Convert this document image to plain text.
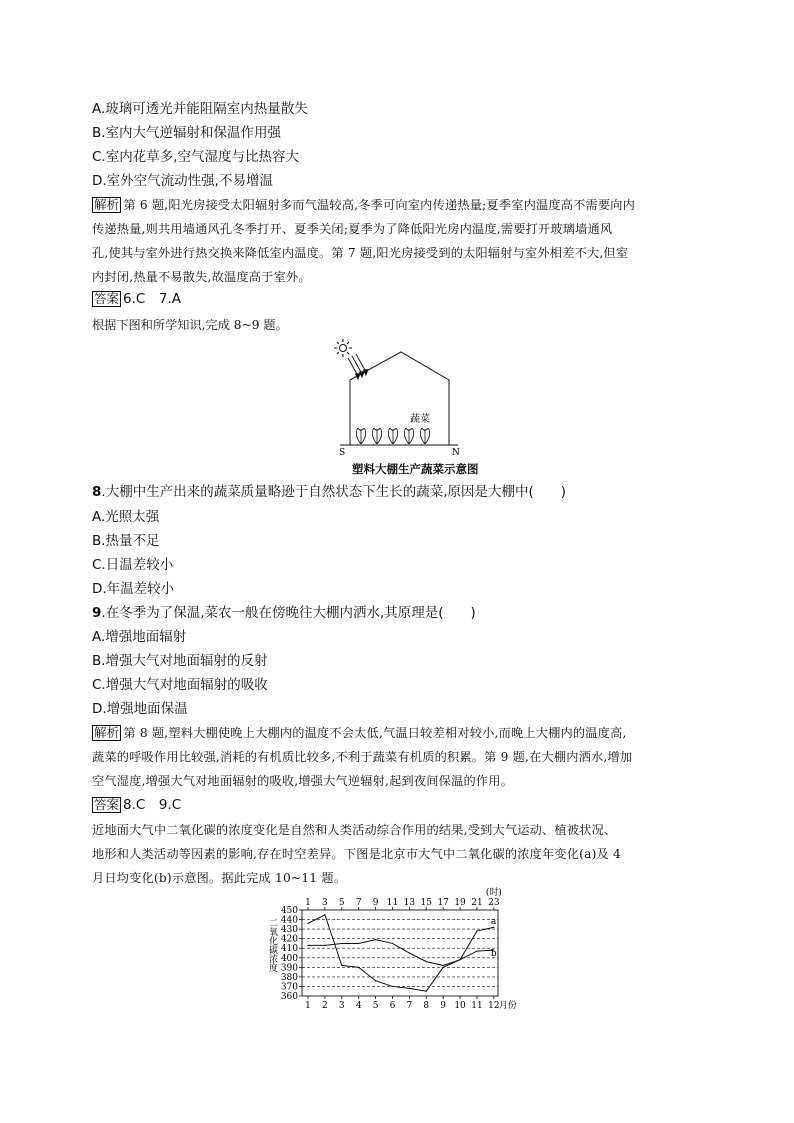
A.玻璃可透光并能阻隔室内热量散失
B.室内大气逆辐射和保温作用强
C.室内花草多,空气湿度与比热容大
D.室外空气流动性强,不易增温
解析 第 6 题,阳光房接受太阳辐射多而气温较高,冬季可向室内传递热量;夏季室内温度高不需要向内
传递热量,则共用墙通风孔冬季打开、夏季关闭;夏季为了降低阳光房内温度,需要打开玻璃墙通风
孔,使其与室外进行热交换来降低室内温度。第 7 题,阳光房接受到的太阳辐射与室外相差不大,但室
内封闭,热量不易散失,故温度高于室外。
答案 6.C　7.A
根据下图和所学知识,完成 8~9 题。
蔬菜
S	N
塑料大棚生产蔬菜示意图
8.大棚中生产出来的蔬菜质量略逊于自然状态下生长的蔬菜,原因是大棚中(　　)
A.光照太强
B.热量不足
C.日温差较小
D.年温差较小
9.在冬季为了保温,菜农一般在傍晚往大棚内洒水,其原理是(　　)
A.增强地面辐射
B.增强大气对地面辐射的反射
C.增强大气对地面辐射的吸收
D.增强地面保温
解析 第 8 题,塑料大棚使晚上大棚内的温度不会太低,气温日较差相对较小,而晚上大棚内的温度高,
蔬菜的呼吸作用比较强,消耗的有机质比较多,不利于蔬菜有机质的积累。第 9 题,在大棚内洒水,增加
空气湿度,增强大气对地面辐射的吸收,增强大气逆辐射,起到夜间保温的作用。
答案 8.C　9.C
近地面大气中二氧化碳的浓度变化是自然和人类活动综合作用的结果,受到大气运动、植被状况、
地形和人类活动等因素的影响,存在时空差异。下图是北京市大气中二氧化碳的浓度年变化(a)及 4
月日均变化(b)示意图。据此完成 10~11 题。
二氧化碳浓度
360
370
380
390
400
410
420
430
440
450
1 2 3 4 5 6 7 8 9 10 11 12 月份
1 3 5 7 9 11 13 15 17 19 21 23
(时)
a
b
